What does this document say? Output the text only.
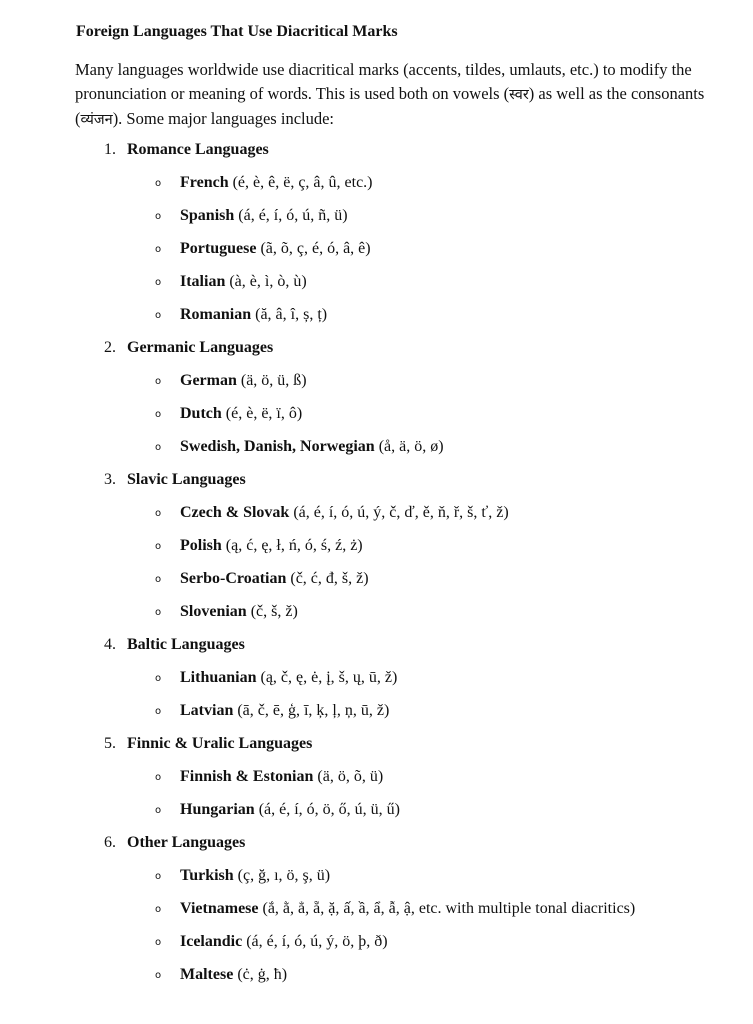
Foreign Languages That Use Diacritical Marks
Many languages worldwide use diacritical marks (accents, tildes, umlauts, etc.) to modify the pronunciation or meaning of words. This is used both on vowels (स्वर) as well as the consonants (व्यंजन). Some major languages include:
1. Romance Languages
o French (é, è, ê, ë, ç, â, û, etc.)
o Spanish (á, é, í, ó, ú, ñ, ü)
o Portuguese (ã, õ, ç, é, ó, â, ê)
o Italian (à, è, ì, ò, ù)
o Romanian (ă, â, î, ș, ț)
2. Germanic Languages
o German (ä, ö, ü, ß)
o Dutch (é, è, ë, ï, ô)
o Swedish, Danish, Norwegian (å, ä, ö, ø)
3. Slavic Languages
o Czech & Slovak (á, é, í, ó, ú, ý, č, ď, ě, ň, ř, š, ť, ž)
o Polish (ą, ć, ę, ł, ń, ó, ś, ź, ż)
o Serbo-Croatian (č, ć, đ, š, ž)
o Slovenian (č, š, ž)
4. Baltic Languages
o Lithuanian (ą, č, ę, ė, į, š, ų, ū, ž)
o Latvian (ā, č, ē, ģ, ī, ķ, ļ, ņ, ū, ž)
5. Finnic & Uralic Languages
o Finnish & Estonian (ä, ö, õ, ü)
o Hungarian (á, é, í, ó, ö, ő, ú, ü, ű)
6. Other Languages
o Turkish (ç, ğ, ı, ö, ş, ü)
o Vietnamese (ắ, ằ, ẳ, ẵ, ặ, ấ, ầ, ẩ, ẫ, ậ, etc. with multiple tonal diacritics)
o Icelandic (á, é, í, ó, ú, ý, ö, þ, ð)
o Maltese (ċ, ġ, ħ)
